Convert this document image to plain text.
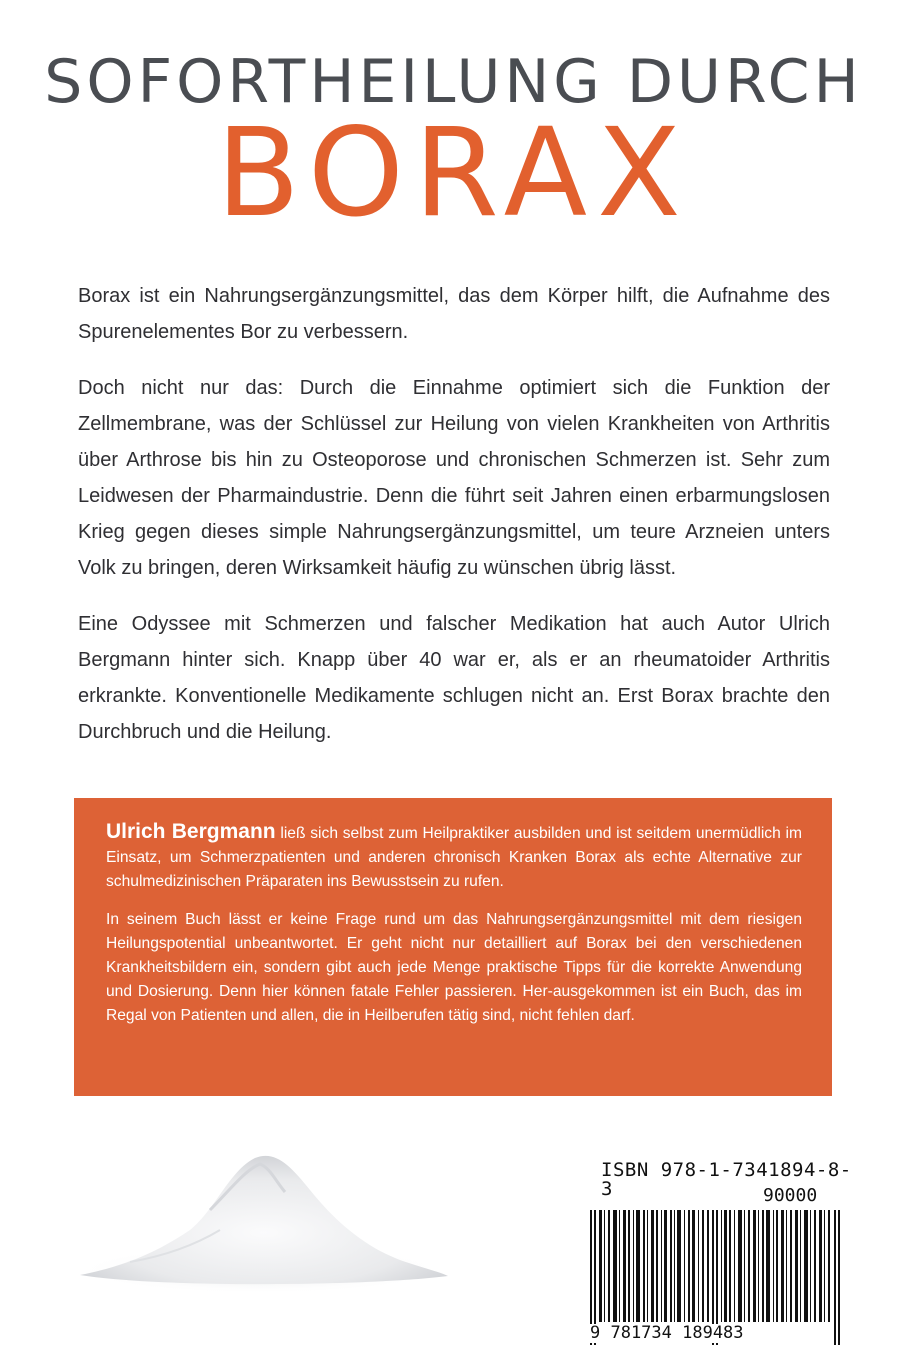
SOFORTHEILUNG DURCH
BORAX

Borax ist ein Nahrungsergänzungsmittel, das dem Körper hilft, die Aufnahme des Spurenelementes Bor zu verbessern.

Doch nicht nur das: Durch die Einnahme optimiert sich die Funktion der Zellmembrane, was der Schlüssel zur Heilung von vielen Krankheiten von Arthritis über Arthrose bis hin zu Osteoporose und chronischen Schmerzen ist. Sehr zum Leidwesen der Pharmaindustrie. Denn die führt seit Jahren einen erbarmungslosen Krieg gegen dieses simple Nahrungsergänzungsmittel, um teure Arzneien unters Volk zu bringen, deren Wirksamkeit häufig zu wünschen übrig lässt.

Eine Odyssee mit Schmerzen und falscher Medikation hat auch Autor Ulrich Bergmann hinter sich. Knapp über 40 war er, als er an rheumatoider Arthritis erkrankte. Konventionelle Medikamente schlugen nicht an. Erst Borax brachte den Durchbruch und die Heilung.

Ulrich Bergmann ließ sich selbst zum Heilpraktiker ausbilden und ist seitdem unermüdlich im Einsatz, um Schmerzpatienten und anderen chronisch Kranken Borax als echte Alternative zur schulmedizinischen Präparaten ins Bewusstsein zu rufen.

In seinem Buch lässt er keine Frage rund um das Nahrungsergänzungsmittel mit dem riesigen Heilungspotential unbeantwortet. Er geht nicht nur detailliert auf Borax bei den verschiedenen Krankheitsbildern ein, sondern gibt auch jede Menge praktische Tipps für die korrekte Anwendung und Dosierung. Denn hier können fatale Fehler passieren. Her-ausgekommen ist ein Buch, das im Regal von Patienten und allen, die in Heilberufen tätig sind, nicht fehlen darf.

ISBN 978-1-7341894-8-3	90000
9 781734 189483
